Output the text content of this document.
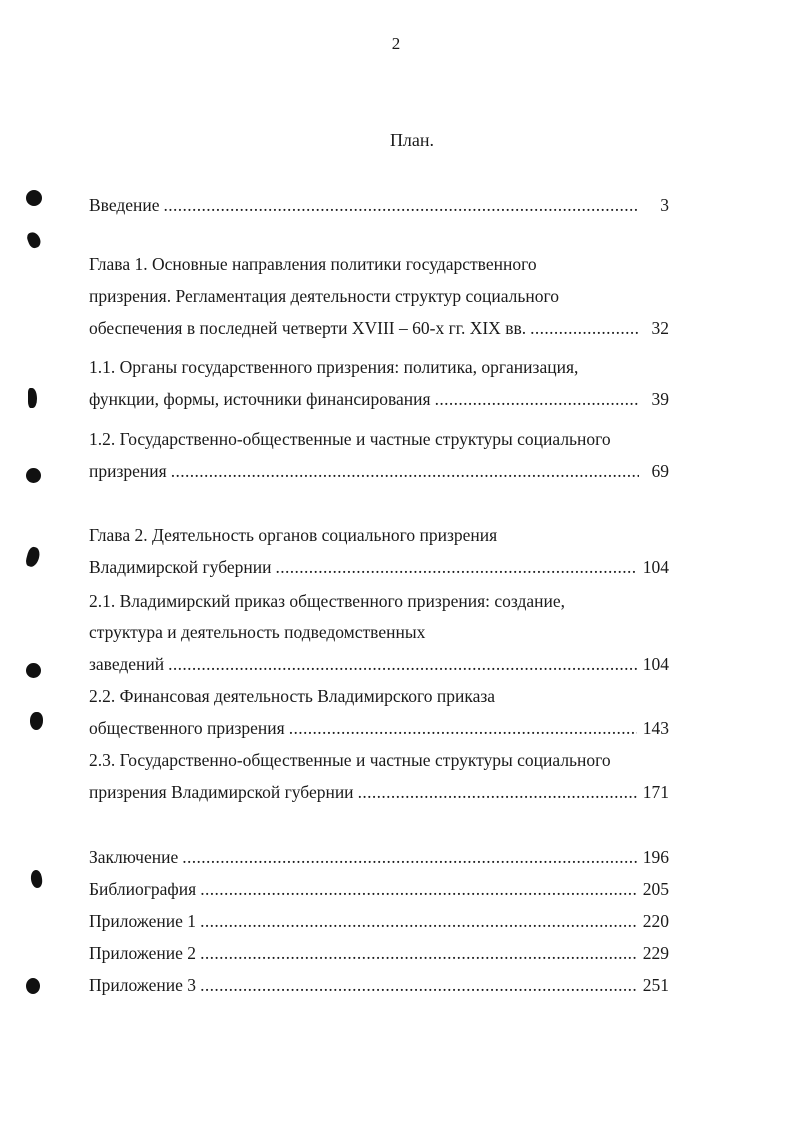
2
План.
Введение . . .	3
Глава 1. Основные направления политики государственного
призрения. Регламентация деятельности структур социального
обеспечения в последней четверти XVIII – 60-х гг. XIX вв. . . .	32
1.1. Органы государственного призрения: политика, организация,
функции, формы, источники финансирования . . .	39
1.2. Государственно-общественные и частные структуры социального
призрения . . .	69
Глава 2. Деятельность органов социального призрения
Владимирской губернии . . .	104
2.1. Владимирский приказ общественного призрения: создание,
структура и деятельность подведомственных
заведений . . .	104
2.2. Финансовая деятельность Владимирского приказа
общественного призрения . . .	143
2.3. Государственно-общественные и частные структуры социального
призрения Владимирской губернии . . .	171
Заключение . . .	196
Библиография . . .	205
Приложение 1 . . .	220
Приложение 2 . . .	229
Приложение 3 . . .	251
